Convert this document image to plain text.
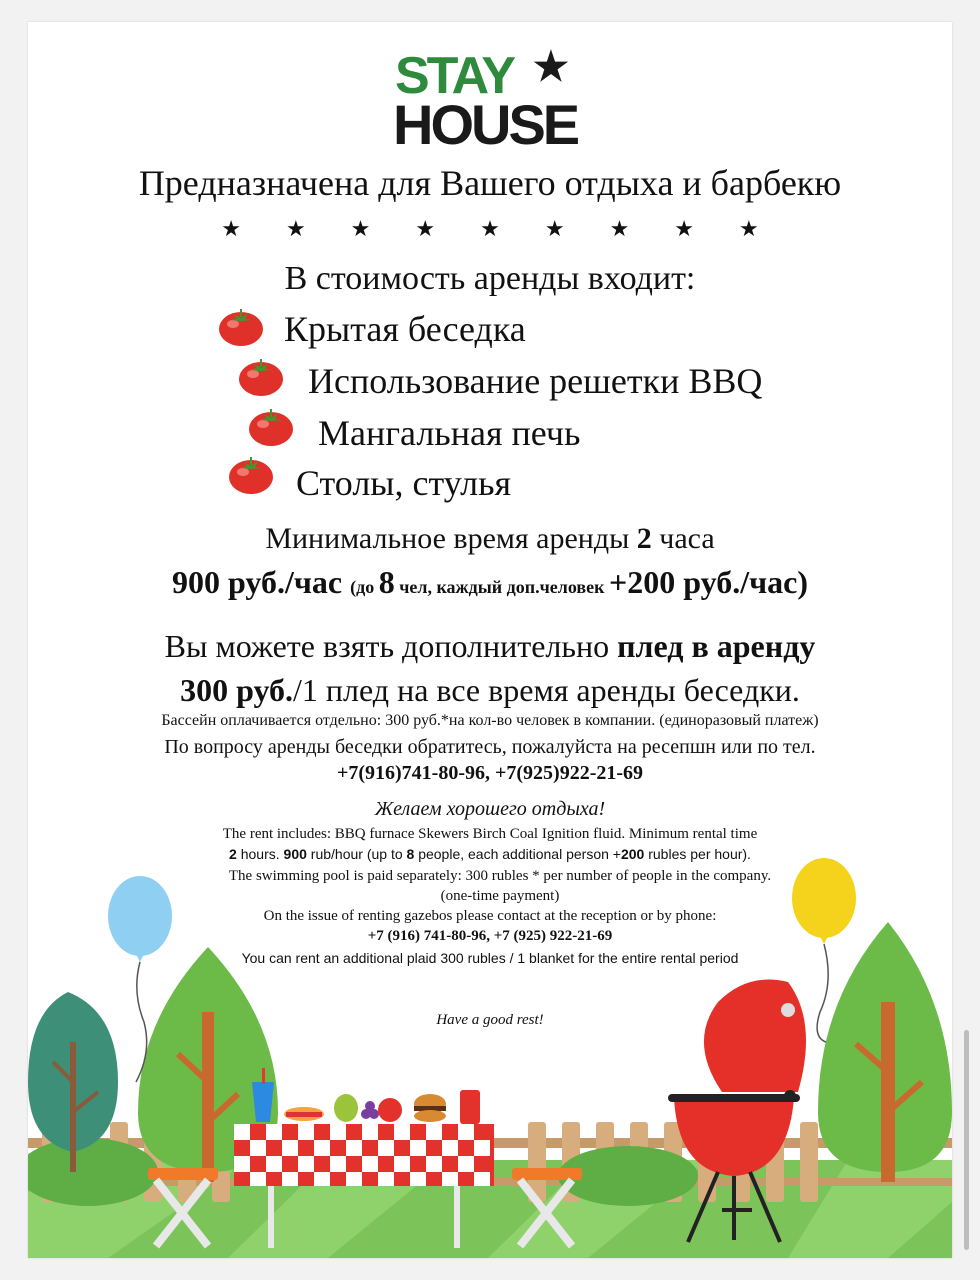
STAY ★
HOUSE
Предназначена для Вашего отдыха и барбекю
★★★★★★★★★
В стоимость аренды входит:
Крытая беседка
Использование решетки BBQ
Мангальная печь
Столы, стулья
Минимальное время аренды 2 часа
900 руб./час (до 8 чел, каждый доп.человек +200 руб./час)
Вы можете взять дополнительно плед в аренду
300 руб./1 плед на все время аренды беседки.
Бассейн оплачивается отдельно: 300 руб.*на кол-во человек в компании. (единоразовый платеж)
По вопросу аренды беседки обратитесь, пожалуйста на ресепшн или по тел.
+7(916)741-80-96, +7(925)922-21-69
Желаем хорошего отдыха!
The rent includes: BBQ furnace Skewers Birch Coal Ignition fluid. Minimum rental time
2 hours. 900 rub/hour (up to 8 people, each additional person +200 rubles per hour).
The swimming pool is paid separately: 300 rubles * per number of people in the company. (one-time payment)
On the issue of renting gazebos please contact at the reception or by phone:
+7 (916) 741-80-96, +7 (925) 922-21-69
You can rent an additional plaid 300 rubles / 1 blanket for the entire rental period
Have a good rest!
